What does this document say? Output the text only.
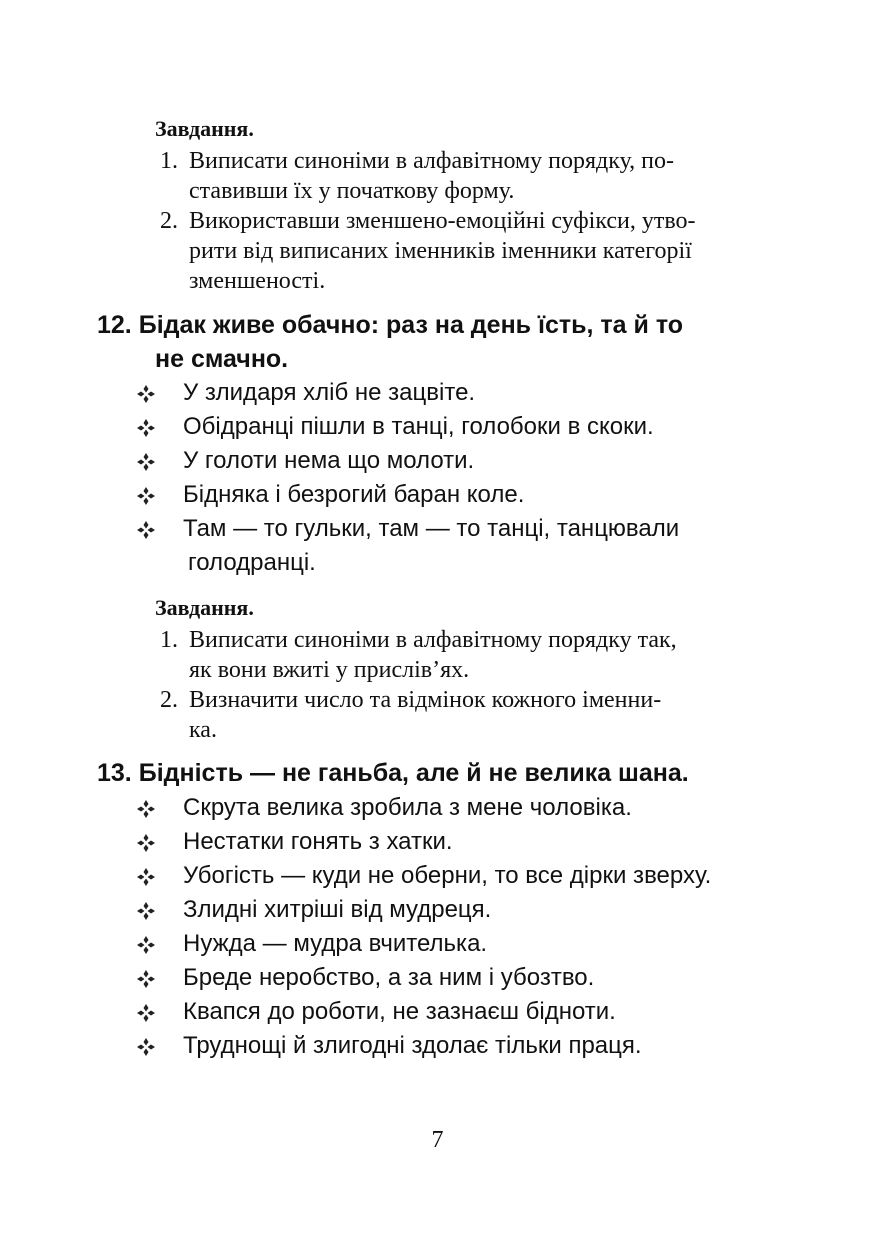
Завдання.
1. Виписати синоніми в алфавітному порядку, по-
ставивши їх у початкову форму.
2. Використавши зменшено-емоційні суфікси, утво-
рити від виписаних іменників іменники категорії
зменшеності.
12. Бідак живе обачно: раз на день їсть, та й то
не смачно.
У злидаря хліб не зацвіте.
Обідранці пішли в танці, голобоки в скоки.
У голоти нема що молоти.
Бідняка і безрогий баран коле.
Там — то гульки, там — то танці, танцювали
голодранці.
Завдання.
1. Виписати синоніми в алфавітному порядку так,
як вони вжиті у прислів’ях.
2. Визначити число та відмінок кожного іменни-
ка.
13. Бідність — не ганьба, але й не велика шана.
Скрута велика зробила з мене чоловіка.
Нестатки гонять з хатки.
Убогість — куди не оберни, то все дірки зверху.
Злидні хитріші від мудреця.
Нужда — мудра вчителька.
Бреде неробство, а за ним і убозтво.
Квапся до роботи, не зазнаєш бідноти.
Труднощі й злигодні здолає тільки праця.
7
